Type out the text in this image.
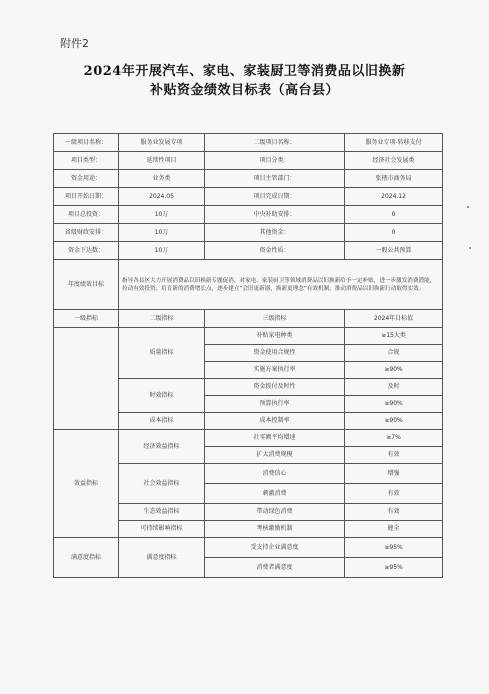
附件2
2024年开展汽车、家电、家装厨卫等消费品以旧换新
补贴资金绩效目标表（高台县）
一级项目名称：	服务业发展专项	二级项目名称：	服务业专项-转移支付
项目类型：	延续性项目	项目分类：	经济社会发展类
资金用途：	业务类	项目主管部门：	张掖市商务局
项目开始日期：	2024.05	项目完成日期：	2024.12
项目总投资：	10万	中央补助安排：	0
省级财政安排：	10万	其他资金：	0
资金下达数：	10万	资金性质：	一般公共预算
年度绩效目标	指导各县区大力开展消费品以旧换新专题促消，对家电、家装厨卫等领域消费品以旧换新给予一定补贴，进一步激发消费潜能，拉动有效投资，培育新的消费增长点，逐步建立“会旧更新器，换新更理念”有效机制，推动消费品以旧换新行动取得实效。		
一级指标	二级指标	三级指标	2024年目标值
	质量指标	补贴家电种类	≥15大类
		资金使用合规性	合规
		实施方案执行率	≥90%
	时效指标	资金拨付及时性	及时
		预算执行率	≥90%
	成本指标	成本控制率	≥90%
效益指标	经济效益指标	社零额平均增速	≥7%
		扩大消费规模	有效
	社会效益指标	消费信心	增强
		刺激消费	有效
	生态效益指标	带动绿色消费	有效
	可持续影响指标	考核激励机制	健全
满意度指标	满意度指标	受支持企业满意度	≥95%
		消费者满意度	≥95%
